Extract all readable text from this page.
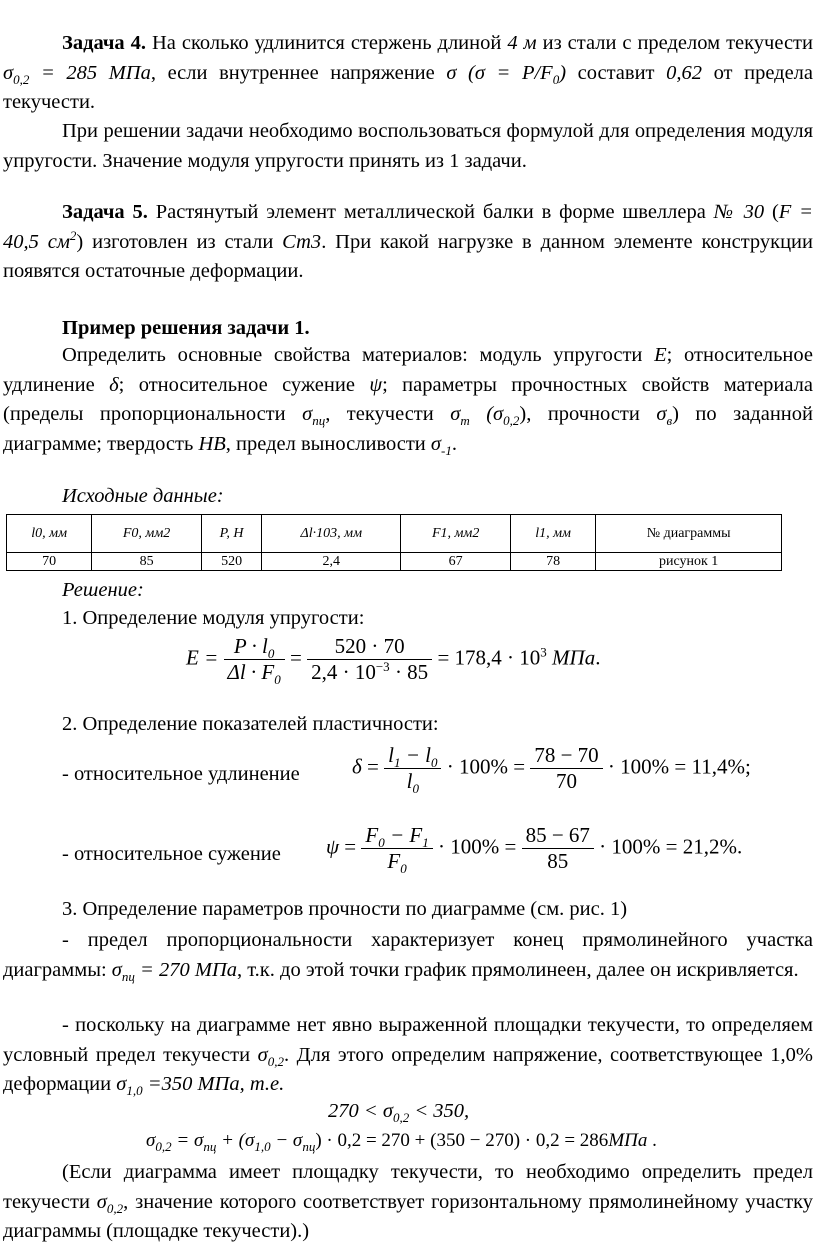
Задача 4. На сколько удлинится стержень длиной 4 м из стали с пределом текучести $\sigma_{0,2} = 285$ МПа, если внутреннее напряжение σ $(\sigma = P/F_0)$ составит 0,62 от предела текучести.
При решении задачи необходимо воспользоваться формулой для определения модуля упругости. Значение модуля упругости принять из 1 задачи.
Задача 5. Растянутый элемент металлической балки в форме швеллера № 30 (F = 40,5 $см^2$) изготовлен из стали Ст3. При какой нагрузке в данном элементе конструкции появятся остаточные деформации.
Пример решения задачи 1.
Определить основные свойства материалов: модуль упругости E; относительное удлинение δ; относительное сужение ψ; параметры прочностных свойств материала (пределы пропорциональности $\sigma_{пц}$, текучести $\sigma_т$ $(\sigma_{0,2})$, прочности $\sigma_в$) по заданной диаграмме; твердость НВ, предел выносливости $\sigma_{-1}$.
Исходные данные:
l0, мм	F0, мм2	P, Н	Δl·103, мм	F1, мм2	l1, мм	№ диаграммы
70	85	520	2,4	67	78	рисунок 1
Решение:
1. Определение модуля упругости:
$E = \frac{P \cdot l_0}{\Delta l \cdot F_0} = \frac{520 \cdot 70}{2,4 \cdot 10^{-3} \cdot 85} = 178,4 \cdot 10^3$ МПа.
2. Определение показателей пластичности:
- относительное удлинение $\delta = \frac{l_1 - l_0}{l_0} \cdot 100\% = \frac{78 - 70}{70} \cdot 100\% = 11,4\%$;
- относительное сужение $\psi = \frac{F_0 - F_1}{F_0} \cdot 100\% = \frac{85 - 67}{85} \cdot 100\% = 21,2\%$.
3. Определение параметров прочности по диаграмме (см. рис. 1)
- предел пропорциональности характеризует конец прямолинейного участка диаграммы: $\sigma_{пц} = 270$ МПа, т.к. до этой точки график прямолинеен, далее он искривляется.
- поскольку на диаграмме нет явно выраженной площадки текучести, то определяем условный предел текучести $\sigma_{0,2}$. Для этого определим напряжение, соответствующее 1,0% деформации $\sigma_{1,0} =350$ МПа, т.е.
$270 < \sigma_{0,2} < 350$,
$\sigma_{0,2} = \sigma_{пц} + (\sigma_{1,0} - \sigma_{пц}) \cdot 0,2 = 270 + (350 - 270) \cdot 0,2 = 286МПа$ .
(Если диаграмма имеет площадку текучести, то необходимо определить предел текучести $\sigma_{0,2}$, значение которого соответствует горизонтальному прямолинейному участку диаграммы (площадке текучести).)
